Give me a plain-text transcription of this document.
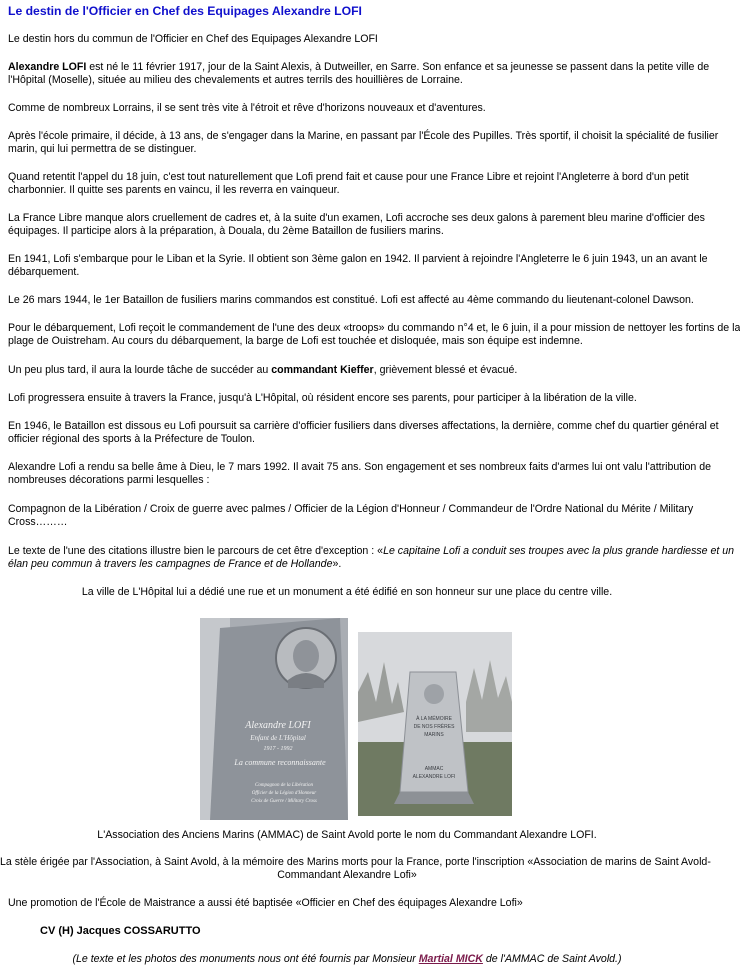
Le destin de l'Officier en Chef des Equipages Alexandre LOFI
Le destin hors du commun de l'Officier en Chef des Equipages Alexandre LOFI
Alexandre LOFI est né le 11 février 1917, jour de la Saint Alexis, à Dutweiller, en Sarre. Son enfance et sa jeunesse se passent dans la petite ville de
l'Hôpital (Moselle), située au milieu des chevalements et autres terrils des houillières de Lorraine.
Comme de nombreux Lorrains, il se sent très vite à l'étroit et rêve d'horizons nouveaux et d'aventures.
Après l'école primaire, il décide, à 13 ans, de s'engager dans la Marine, en passant par l'École des Pupilles. Très sportif, il choisit la spécialité de fusilier
marin, qui lui permettra de se distinguer.
Quand retentit l'appel du 18 juin, c'est tout naturellement que Lofi prend fait et cause pour une France Libre et rejoint l'Angleterre à bord d'un petit
charbonnier. Il quitte ses parents en vaincu, il les reverra en vainqueur.
La France Libre manque alors cruellement de cadres et, à la suite d'un examen, Lofi accroche ses deux galons à parement bleu marine d'officier des
équipages. Il participe alors à la préparation, à Douala, du 2ème Bataillon de fusiliers marins.
En 1941, Lofi s'embarque pour le Liban et la Syrie. Il obtient son 3ème galon en 1942. Il parvient à rejoindre l'Angleterre le 6 juin 1943, un an avant le
débarquement.
Le 26 mars 1944, le 1er Bataillon de fusiliers marins commandos est constitué. Lofi est affecté au 4ème commando du lieutenant-colonel Dawson.
Pour le débarquement, Lofi reçoit le commandement de l'une des deux «troops» du commando n°4 et, le 6 juin, il a pour mission de nettoyer les fortins de la
plage de Ouistreham. Au cours du débarquement, la barge de Lofi est touchée et disloquée, mais son équipe est indemne.
Un peu plus tard, il aura la lourde tâche de succéder au commandant Kieffer, grièvement blessé et évacué.
Lofi progressera ensuite à travers la France, jusqu'à L'Hôpital, où résident encore ses parents, pour participer à la libération de la ville.
En 1946, le Bataillon est dissous eu Lofi poursuit sa carrière d'officier fusiliers dans diverses affectations, la dernière, comme chef du quartier général et
officier régional des sports à la Préfecture de Toulon.
Alexandre Lofi a rendu sa belle âme à Dieu, le 7 mars 1992. Il avait 75 ans. Son engagement et ses nombreux faits d'armes lui ont valu l'attribution de
nombreuses décorations parmi lesquelles :
Compagnon de la Libération / Croix de guerre avec palmes / Officier de la Légion d'Honneur / Commandeur de l'Ordre National du Mérite / Military
Cross………
Le texte de l'une des citations illustre bien le parcours de cet être d'exception : «Le capitaine Lofi a conduit ses troupes avec la plus grande hardiesse et un
élan peu commun à travers les campagnes de France et de Hollande».
La ville de L'Hôpital lui a dédié une rue et un monument a été édifié en son honneur sur une place du centre ville.
Alexandre LOFI
Enfant de L'Hôpital
1917 - 1992
La commune reconnaissante
Compagnon de la Libération
Officier de la Légion d'Honneur
Croix de Guerre / Military Cross
À LA MÉMOIRE
DE NOS FRÈRES
MARINS
AMMAC
ALEXANDRE LOFI
L'Association des Anciens Marins (AMMAC) de Saint Avold porte le nom du Commandant Alexandre LOFI.
La stèle érigée par l'Association, à Saint Avold, à la mémoire des Marins morts pour la France, porte l'inscription «Association de marins de Saint Avold-
Commandant Alexandre Lofi»
Une promotion de l'École de Maistrance a aussi été baptisée «Officier en Chef des équipages Alexandre Lofi»
CV (H) Jacques COSSARUTTO
(Le texte et les photos des monuments nous ont été fournis par Monsieur Martial MICK de l'AMMAC de Saint Avold.)
